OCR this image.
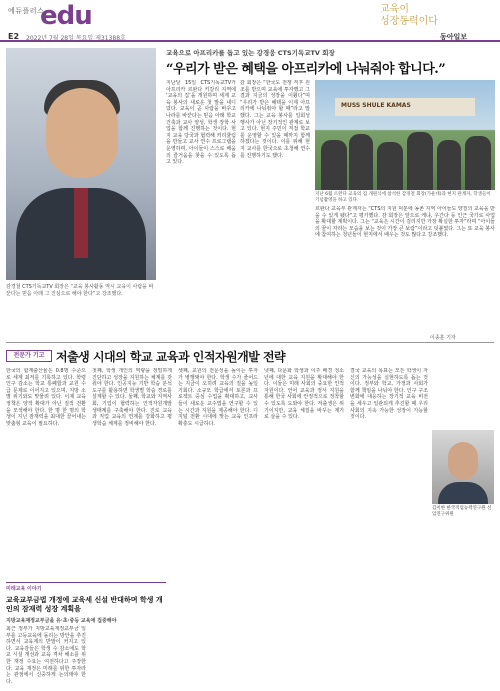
에듀플러스
edu
E2 2022년 7월 28일 목요일 제31388호
교육이
성장동력이다
동아일보

감경철 CTS기독교TV 회장은 “교육 봉사활동 역시 교육이 사람을 바꾼다는 믿음 아래 그 진심으로 해야 한다”고 강조했다.

교육으로 아프리카를 돕고 있는 강경웅 CTS기독교TV 회장
“우리가 받은 혜택을 아프리카에 나눠줘야 합니다.”

지난달 15일 CTS기독교TV가 아프리카 르완다 키갈리 지역에 ‘교육의 집’을 개원하며 세계 교육 봉사의 새로운 첫 발을 내디뎠다. 교육이 곧 사람을 바꾸고 나라를 바꾼다는 믿음 아래 학교 건축과 교사 양성, 학생 장학 사업을 함께 진행하는 것이다. 현지 교육 당국과 협력해 커리큘럼을 만들고 교사 연수 프로그램을 운영하며, 아이들이 스스로 배움의 즐거움을 찾을 수 있도록 돕고 있다.

감 회장은 “한국도 전쟁 직후 원조를 받으며 교육에 투자했고 그 결과 지금의 성장을 이뤘다”며 “우리가 받은 혜택을 이제 아프리카에 나눠줘야 할 때”라고 말했다. 그는 교육 봉사를 일회성 행사가 아닌 장기적인 관계로 보고 있다. 현지 주민이 직접 학교를 운영할 수 있을 때까지 함께하겠다는 것이다. 이를 위해 현지 교사를 한국으로 초청해 연수를 진행하기도 했다.

MUSS SHULE KAMAS

지난 6월 르완다 교육의 집 개원식에 참석한 감경철 회장(가운데)과 현지 관계자, 학생들이 기념촬영을 하고 있다.

르완다 교육부 관계자는 “CTS의 지원 덕분에 농촌 지역 아이들도 양질의 교육을 받을 수 있게 됐다”고 평가했다. 감 회장은 앞으로 케냐, 우간다 등 인근 국가로 사업을 확대할 계획이다. 그는 “교육은 시간이 걸리지만 가장 확실한 투자”라며 “아이들의 꿈이 자라는 모습을 보는 것이 가장 큰 보람”이라고 덧붙였다. 그는 또 교육 봉사에 참여하는 청년들이 현지에서 배우는 것도 많다고 강조했다.

이종훈 기자
전문가 기고 저출생 시대의 학교 교육과 인적자원개발 전략

한국의 합계출산율은 0.8명 수준으로 세계 최저를 기록하고 있다. 학령인구 감소는 학교 통폐합과 교원 수급 문제로 이어지고 있으며, 지방 소멸 위기와도 맞물려 있다. 이제 교육 정책은 양적 확대가 아닌 질적 전환을 모색해야 한다. 한 명 한 명의 학생이 지닌 잠재력을 최대한 끌어내는 맞춤형 교육이 필요하다.

첫째, 학생 개인의 역량을 정밀하게 진단하고 성장을 지원하는 체계를 갖춰야 한다. 인공지능 기반 학습 분석 도구를 활용하면 학생별 학습 경로를 설계할 수 있다. 둘째, 학교와 지역사회, 기업이 협력하는 인적자원개발 생태계를 구축해야 한다. 진로 교육과 직업 교육의 연계를 강화하고 평생학습 체계를 정비해야 한다.

셋째, 교원의 전문성을 높이는 투자가 병행돼야 한다. 학생 수가 줄어드는 지금이 오히려 교육의 질을 높일 기회다. 소규모 학급에서 토론과 프로젝트 중심 수업을 확대하고, 교사들이 새로운 교수법을 연구할 수 있는 시간과 지원을 제공해야 한다. 디지털 전환 시대에 맞는 교육 인프라 확충도 시급하다.

넷째, 다문화 학생과 이주 배경 청소년에 대한 교육 지원을 확대해야 한다. 이들은 미래 사회의 중요한 인적자원이다. 언어 교육과 정서 지원을 통해 한국 사회에 안정적으로 정착할 수 있도록 도와야 한다. 저출생은 위기이지만, 교육 체질을 바꾸는 계기로 삼을 수 있다.

결국 교육의 목표는 모든 학생이 자신의 가능성을 실현하도록 돕는 것이다. 정부와 학교, 가정과 사회가 함께 책임을 나눠야 한다. 인구 구조 변화에 대응하는 장기적 교육 비전을 세우고 일관되게 추진할 때 우리 사회의 지속 가능한 성장이 가능할 것이다.

김이한 한국직업능력연구원 선임연구위원

미래교육 이야기
교육교부금법 개정에 교육세 신설 반대하며 학생 개인의 잠재력 성장 계획을
지방교육재정교부금을 유·초·중등 교육에 집중해야

최근 정부가 지방교육재정교부금 일부를 고등교육에 돌리는 방안을 추진하면서 교육계의 반발이 커지고 있다. 교육감들은 학생 수 감소에도 학교 시설 개선과 교육 격차 해소를 위한 재정 수요는 여전하다고 주장한다. 교육 재정은 미래를 위한 투자라는 관점에서 신중하게 논의돼야 한다.
